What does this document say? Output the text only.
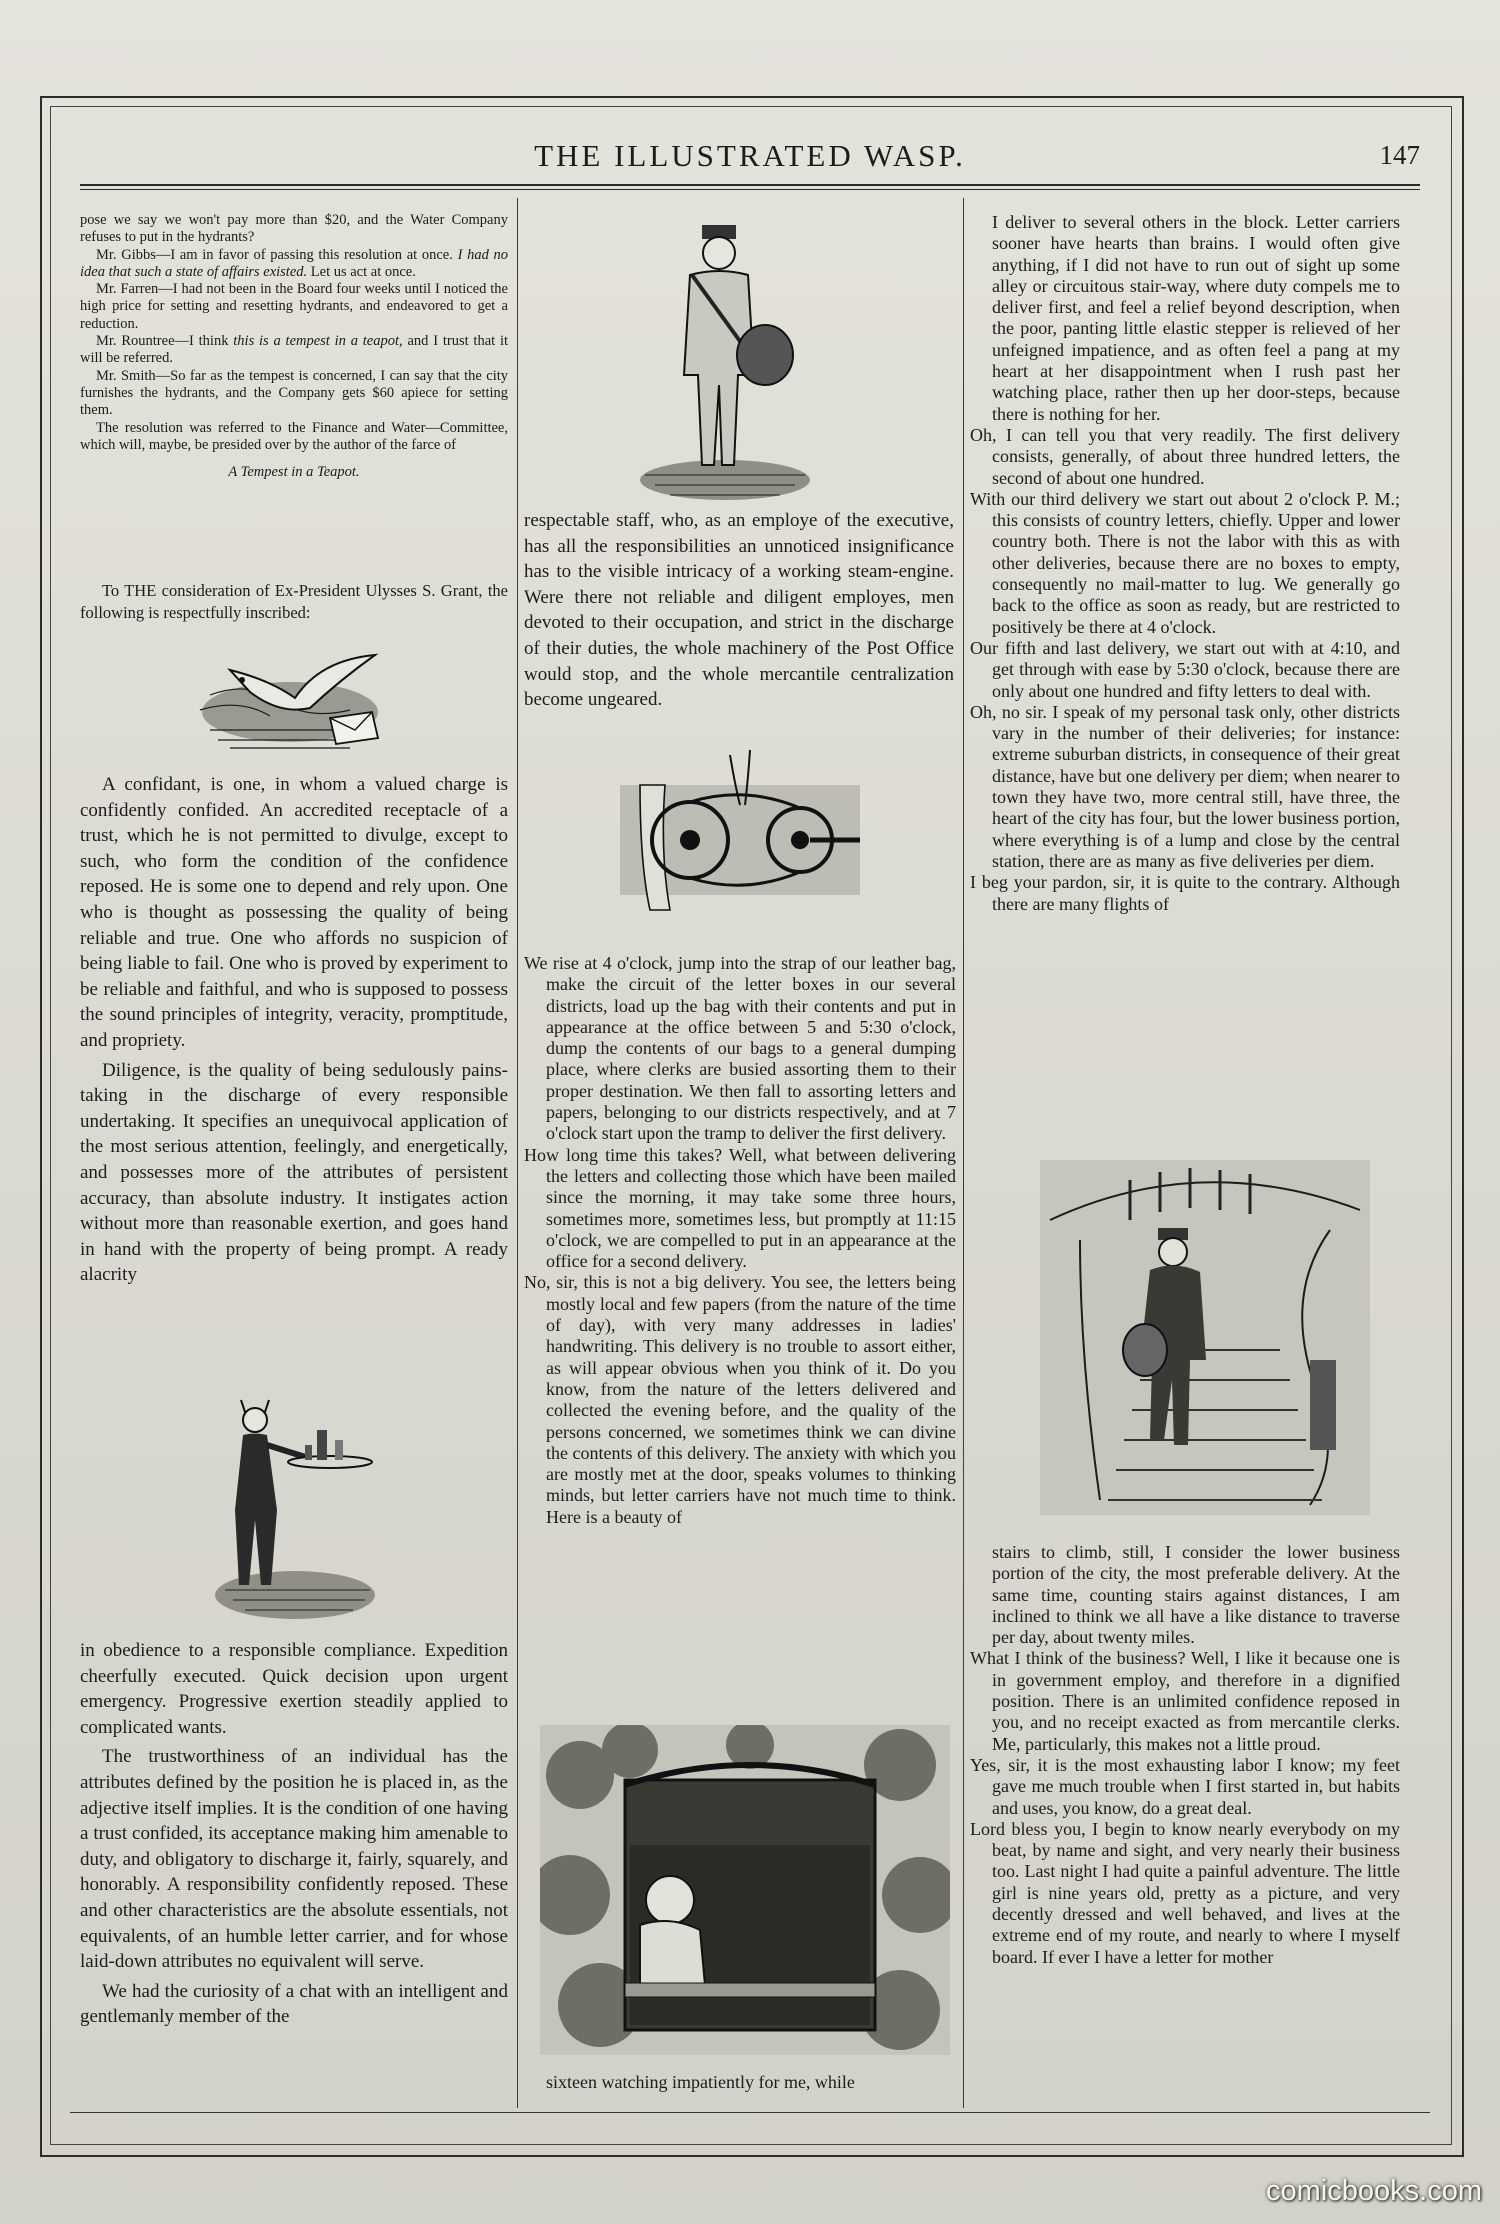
THE ILLUSTRATED WASP.	147

pose we say we won't pay more than $20, and the Water Company refuses to put in the hydrants?

Mr. Gibbs—I am in favor of passing this resolution at once. I had no idea that such a state of affairs existed. Let us act at once.

Mr. Farren—I had not been in the Board four weeks until I noticed the high price for setting and resetting hydrants, and endeavored to get a reduction.

Mr. Rountree—I think this is a tempest in a teapot, and I trust that it will be referred.

Mr. Smith—So far as the tempest is concerned, I can say that the city furnishes the hydrants, and the Company gets $60 apiece for setting them.

The resolution was referred to the Finance and Water—Committee, which will, maybe, be presided over by the author of the farce of

A Tempest in a Teapot.

To THE consideration of Ex-President Ulysses S. Grant, the following is respectfully inscribed:

A confidant, is one, in whom a valued charge is confidently confided. An accredited receptacle of a trust, which he is not permitted to divulge, except to such, who form the condition of the confidence reposed. He is some one to depend and rely upon. One who is thought as possessing the quality of being reliable and true. One who affords no suspicion of being liable to fail. One who is proved by experiment to be reliable and faithful, and who is supposed to possess the sound principles of integrity, veracity, promptitude, and propriety.

Diligence, is the quality of being sedulously pains-taking in the discharge of every responsible undertaking. It specifies an unequivocal application of the most serious attention, feelingly, and energetically, and possesses more of the attributes of persistent accuracy, than absolute industry. It instigates action without more than reasonable exertion, and goes hand in hand with the property of being prompt. A ready alacrity

in obedience to a responsible compliance. Expedition cheerfully executed. Quick decision upon urgent emergency. Progressive exertion steadily applied to complicated wants.

The trustworthiness of an individual has the attributes defined by the position he is placed in, as the adjective itself implies. It is the condition of one having a trust confided, its acceptance making him amenable to duty, and obligatory to discharge it, fairly, squarely, and honorably. A responsibility confidently reposed. These and other characteristics are the absolute essentials, not equivalents, of an humble letter carrier, and for whose laid-down attributes no equivalent will serve.

We had the curiosity of a chat with an intelligent and gentlemanly member of the

respectable staff, who, as an employe of the executive, has all the responsibilities an unnoticed insignificance has to the visible intricacy of a working steam-engine. Were there not reliable and diligent employes, men devoted to their occupation, and strict in the discharge of their duties, the whole machinery of the Post Office would stop, and the whole mercantile centralization become ungeared.

We rise at 4 o'clock, jump into the strap of our leather bag, make the circuit of the letter boxes in our several districts, load up the bag with their contents and put in appearance at the office between 5 and 5:30 o'clock, dump the contents of our bags to a general dumping place, where clerks are busied assorting them to their proper destination. We then fall to assorting letters and papers, belonging to our districts respectively, and at 7 o'clock start upon the tramp to deliver the first delivery.

How long time this takes? Well, what between delivering the letters and collecting those which have been mailed since the morning, it may take some three hours, sometimes more, sometimes less, but promptly at 11:15 o'clock, we are compelled to put in an appearance at the office for a second delivery.

No, sir, this is not a big delivery. You see, the letters being mostly local and few papers (from the nature of the time of day), with very many addresses in ladies' handwriting. This delivery is no trouble to assort either, as will appear obvious when you think of it. Do you know, from the nature of the letters delivered and collected the evening before, and the quality of the persons concerned, we sometimes think we can divine the contents of this delivery. The anxiety with which you are mostly met at the door, speaks volumes to thinking minds, but letter carriers have not much time to think. Here is a beauty of

sixteen watching impatiently for me, while

I deliver to several others in the block. Letter carriers sooner have hearts than brains. I would often give anything, if I did not have to run out of sight up some alley or circuitous stair-way, where duty compels me to deliver first, and feel a relief beyond description, when the poor, panting little elastic stepper is relieved of her unfeigned impatience, and as often feel a pang at my heart at her disappointment when I rush past her watching place, rather then up her door-steps, because there is nothing for her.

Oh, I can tell you that very readily. The first delivery consists, generally, of about three hundred letters, the second of about one hundred.

With our third delivery we start out about 2 o'clock P. M.; this consists of country letters, chiefly. Upper and lower country both. There is not the labor with this as with other deliveries, because there are no boxes to empty, consequently no mail-matter to lug. We generally go back to the office as soon as ready, but are restricted to positively be there at 4 o'clock.

Our fifth and last delivery, we start out with at 4:10, and get through with ease by 5:30 o'clock, because there are only about one hundred and fifty letters to deal with.

Oh, no sir. I speak of my personal task only, other districts vary in the number of their deliveries; for instance: extreme suburban districts, in consequence of their great distance, have but one delivery per diem; when nearer to town they have two, more central still, have three, the heart of the city has four, but the lower business portion, where everything is of a lump and close by the central station, there are as many as five deliveries per diem.

I beg your pardon, sir, it is quite to the contrary. Although there are many flights of

stairs to climb, still, I consider the lower business portion of the city, the most preferable delivery. At the same time, counting stairs against distances, I am inclined to think we all have a like distance to traverse per day, about twenty miles.

What I think of the business? Well, I like it because one is in government employ, and therefore in a dignified position. There is an unlimited confidence reposed in you, and no receipt exacted as from mercantile clerks. Me, particularly, this makes not a little proud.

Yes, sir, it is the most exhausting labor I know; my feet gave me much trouble when I first started in, but habits and uses, you know, do a great deal.

Lord bless you, I begin to know nearly everybody on my beat, by name and sight, and very nearly their business too. Last night I had quite a painful adventure. The little girl is nine years old, pretty as a picture, and very decently dressed and well behaved, and lives at the extreme end of my route, and nearly to where I myself board. If ever I have a letter for mother

comicbooks.com
